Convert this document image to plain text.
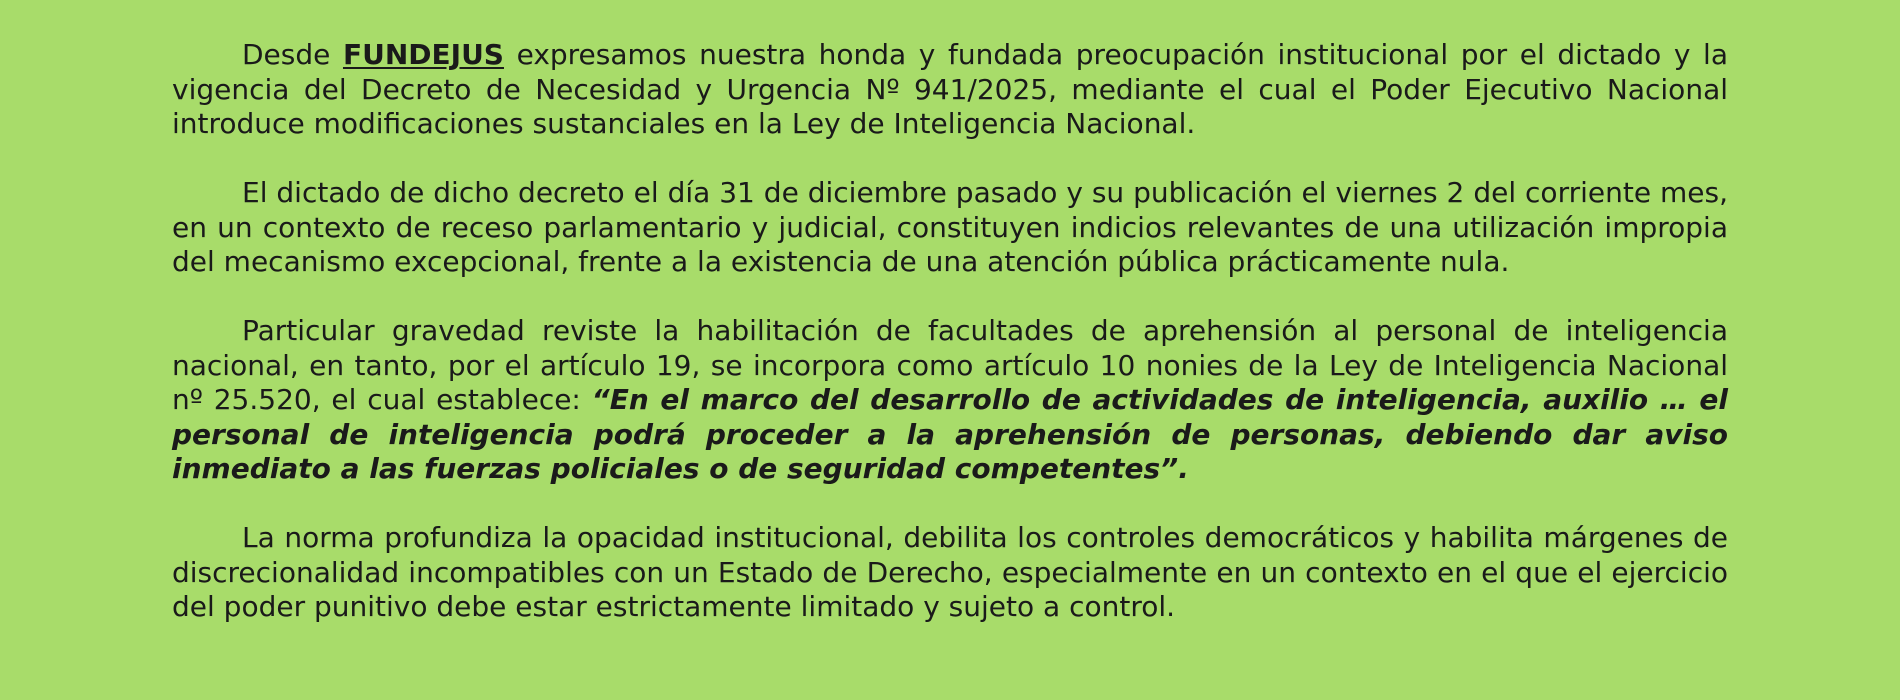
Desde FUNDEJUS expresamos nuestra honda y fundada preocupación institucional por el dictado y la vigencia del Decreto de Necesidad y Urgencia Nº 941/2025, mediante el cual el Poder Ejecutivo Nacional introduce modificaciones sustanciales en la Ley de Inteligencia Nacional.

El dictado de dicho decreto el día 31 de diciembre pasado y su publicación el viernes 2 del corriente mes, en un contexto de receso parlamentario y judicial, constituyen indicios relevantes de una utilización impropia del mecanismo excepcional, frente a la existencia de una atención pública prácticamente nula.

Particular gravedad reviste la habilitación de facultades de aprehensión al personal de inteligencia nacional, en tanto, por el artículo 19, se incorpora como artículo 10 nonies de la Ley de Inteligencia Nacional nº 25.520, el cual establece: “En el marco del desarrollo de actividades de inteligencia, auxilio … el personal de inteligencia podrá proceder a la aprehensión de personas, debiendo dar aviso inmediato a las fuerzas policiales o de seguridad competentes”.

La norma profundiza la opacidad institucional, debilita los controles democráticos y habilita márgenes de discrecionalidad incompatibles con un Estado de Derecho, especialmente en un contexto en el que el ejercicio del poder punitivo debe estar estrictamente limitado y sujeto a control.
